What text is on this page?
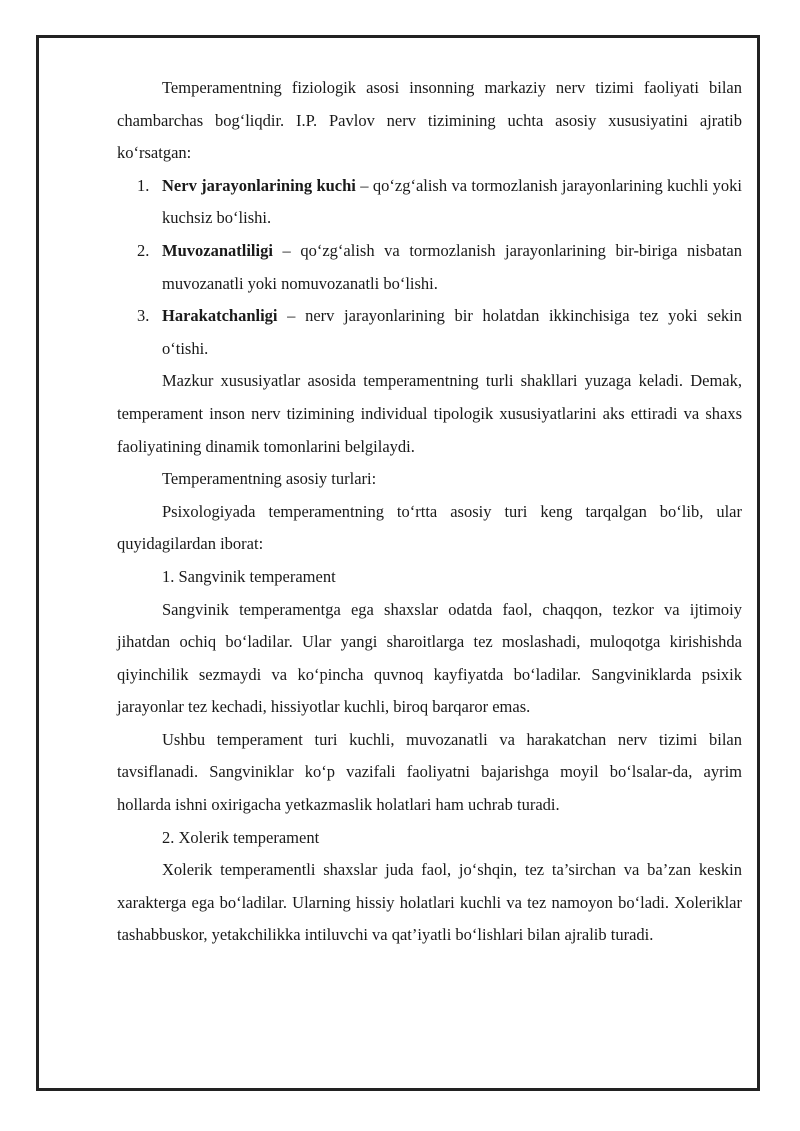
Temperamentning fiziologik asosi insonning markaziy nerv tizimi faoliyati bilan chambarchas bog‘liqdir. I.P. Pavlov nerv tizimining uchta asosiy xususiyatini ajratib ko‘rsatgan:

1. Nerv jarayonlarining kuchi – qo‘zg‘alish va tormozlanish jarayonlarining kuchli yoki kuchsiz bo‘lishi.
2. Muvozanatliligi – qo‘zg‘alish va tormozlanish jarayonlarining bir-biriga nisbatan muvozanatli yoki nomuvozanatli bo‘lishi.
3. Harakatchanligi – nerv jarayonlarining bir holatdan ikkinchisiga tez yoki sekin o‘tishi.

Mazkur xususiyatlar asosida temperamentning turli shakllari yuzaga keladi. Demak, temperament inson nerv tizimining individual tipologik xususiyatlarini aks ettiradi va shaxs faoliyatining dinamik tomonlarini belgilaydi.

Temperamentning asosiy turlari:

Psixologiyada temperamentning to‘rtta asosiy turi keng tarqalgan bo‘lib, ular quyidagilardan iborat:

1. Sangvinik temperament

Sangvinik temperamentga ega shaxslar odatda faol, chaqqon, tezkor va ijtimoiy jihatdan ochiq bo‘ladilar. Ular yangi sharoitlarga tez moslashadi, muloqotga kirishishda qiyinchilik sezmaydi va ko‘pincha quvnoq kayfiyatda bo‘ladilar. Sangviniklarda psixik jarayonlar tez kechadi, hissiyotlar kuchli, biroq barqaror emas.

Ushbu temperament turi kuchli, muvozanatli va harakatchan nerv tizimi bilan tavsiflanadi. Sangviniklar ko‘p vazifali faoliyatni bajarishga moyil bo‘lsalar-da, ayrim hollarda ishni oxirigacha yetkazmaslik holatlari ham uchrab turadi.

2. Xolerik temperament

Xolerik temperamentli shaxslar juda faol, jo‘shqin, tez ta’sirchan va ba’zan keskin xarakterga ega bo‘ladilar. Ularning hissiy holatlari kuchli va tez namoyon bo‘ladi. Xoleriklar tashabbuskor, yetakchilikka intiluvchi va qat’iyatli bo‘lishlari bilan ajralib turadi.
